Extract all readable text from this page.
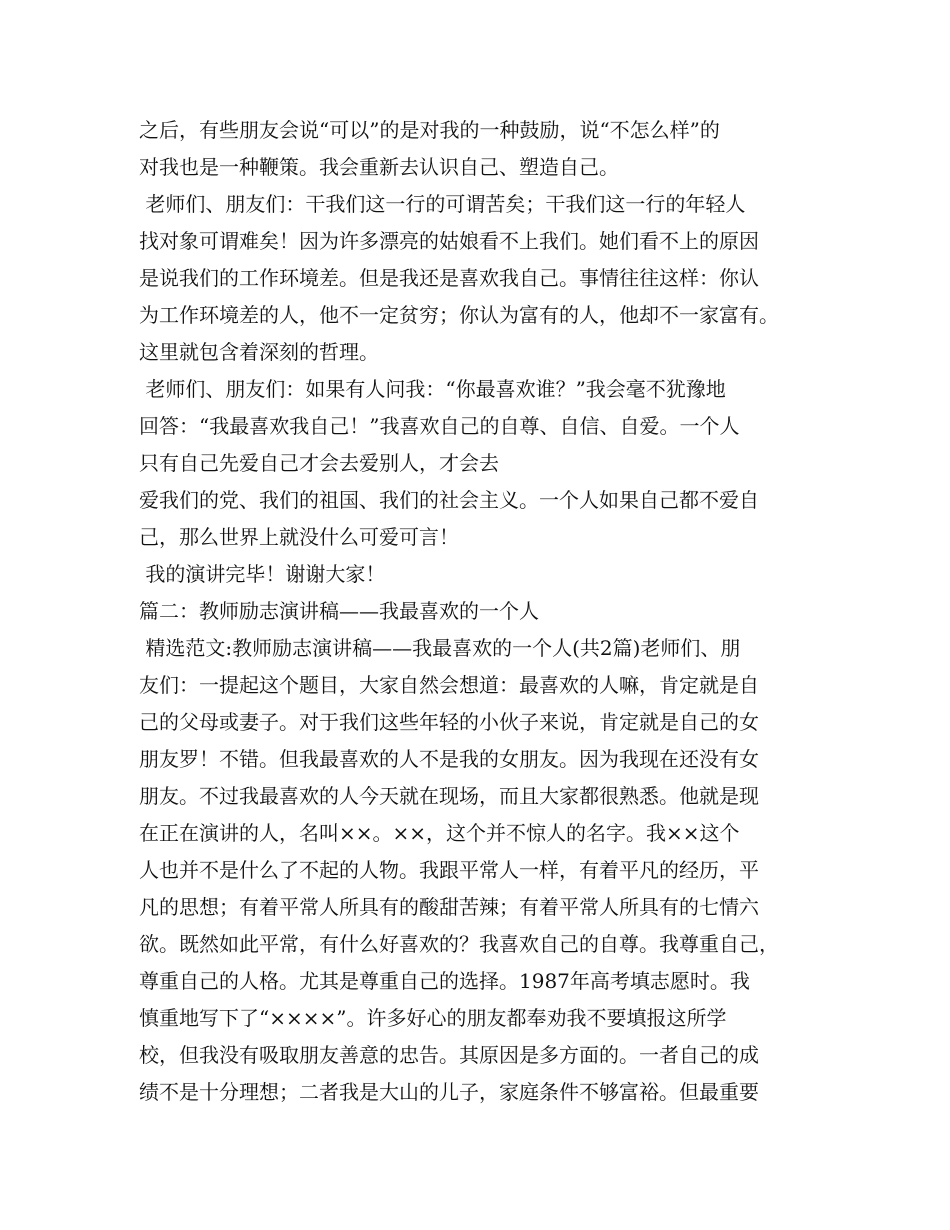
之后，有些朋友会说“可以”的是对我的一种鼓励，说“不怎么样”的
对我也是一种鞭策。我会重新去认识自己、塑造自己。
老师们、朋友们：干我们这一行的可谓苦矣；干我们这一行的年轻人
找对象可谓难矣！因为许多漂亮的姑娘看不上我们。她们看不上的原因
是说我们的工作环境差。但是我还是喜欢我自己。事情往往这样：你认
为工作环境差的人，他不一定贫穷；你认为富有的人，他却不一家富有。
这里就包含着深刻的哲理。
老师们、朋友们：如果有人问我：“你最喜欢谁？”我会毫不犹豫地
回答：“我最喜欢我自己！”我喜欢自己的自尊、自信、自爱。一个人
只有自己先爱自己才会去爱别人，才会去
爱我们的党、我们的祖国、我们的社会主义。一个人如果自己都不爱自
己，那么世界上就没什么可爱可言！
我的演讲完毕！谢谢大家！
篇二：教师励志演讲稿——我最喜欢的一个人
精选范文:教师励志演讲稿——我最喜欢的一个人(共2篇)老师们、朋
友们：一提起这个题目，大家自然会想道：最喜欢的人嘛，肯定就是自
己的父母或妻子。对于我们这些年轻的小伙子来说，肯定就是自己的女
朋友罗！不错。但我最喜欢的人不是我的女朋友。因为我现在还没有女
朋友。不过我最喜欢的人今天就在现场，而且大家都很熟悉。他就是现
在正在演讲的人，名叫××。××，这个并不惊人的名字。我××这个
人也并不是什么了不起的人物。我跟平常人一样，有着平凡的经历，平
凡的思想；有着平常人所具有的酸甜苦辣；有着平常人所具有的七情六
欲。既然如此平常，有什么好喜欢的？我喜欢自己的自尊。我尊重自己，
尊重自己的人格。尤其是尊重自己的选择。1987年高考填志愿时。我
慎重地写下了“××××”。许多好心的朋友都奉劝我不要填报这所学
校，但我没有吸取朋友善意的忠告。其原因是多方面的。一者自己的成
绩不是十分理想；二者我是大山的儿子，家庭条件不够富裕。但最重要
